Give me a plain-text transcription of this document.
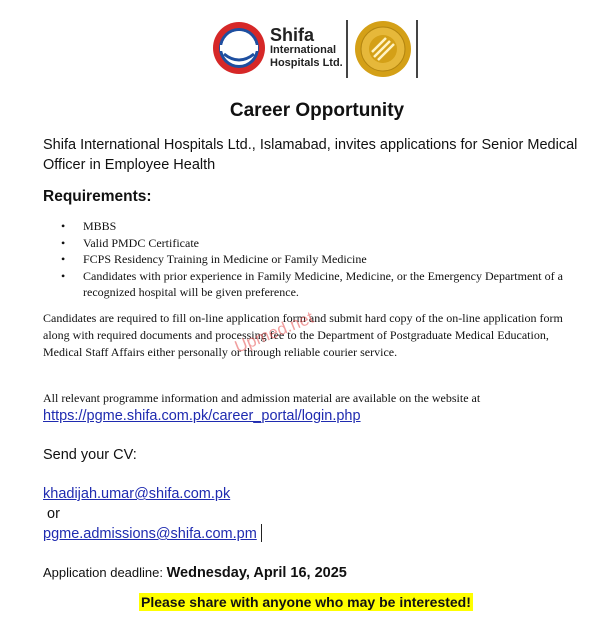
Shifa
International
Hospitals Ltd.
Career Opportunity
Shifa International Hospitals Ltd., Islamabad, invites applications for Senior Medical Officer in Employee Health
Requirements:
• MBBS
• Valid PMDC Certificate
• FCPS Residency Training in Medicine or Family Medicine
• Candidates with prior experience in Family Medicine, Medicine, or the Emergency Department of a recognized hospital will be given preference.
Candidates are required to fill on-line application form and submit hard copy of the on-line application form along with required documents and processing fee to the Department of Postgraduate Medical Education, Medical Staff Affairs either personally or through reliable courier service.
Upmed.net
All relevant programme information and admission material are available on the website at
https://pgme.shifa.com.pk/career_portal/login.php
Send your CV:
khadijah.umar@shifa.com.pk
or
pgme.admissions@shifa.com.pm
Application deadline: Wednesday, April 16, 2025
Please share with anyone who may be interested!
